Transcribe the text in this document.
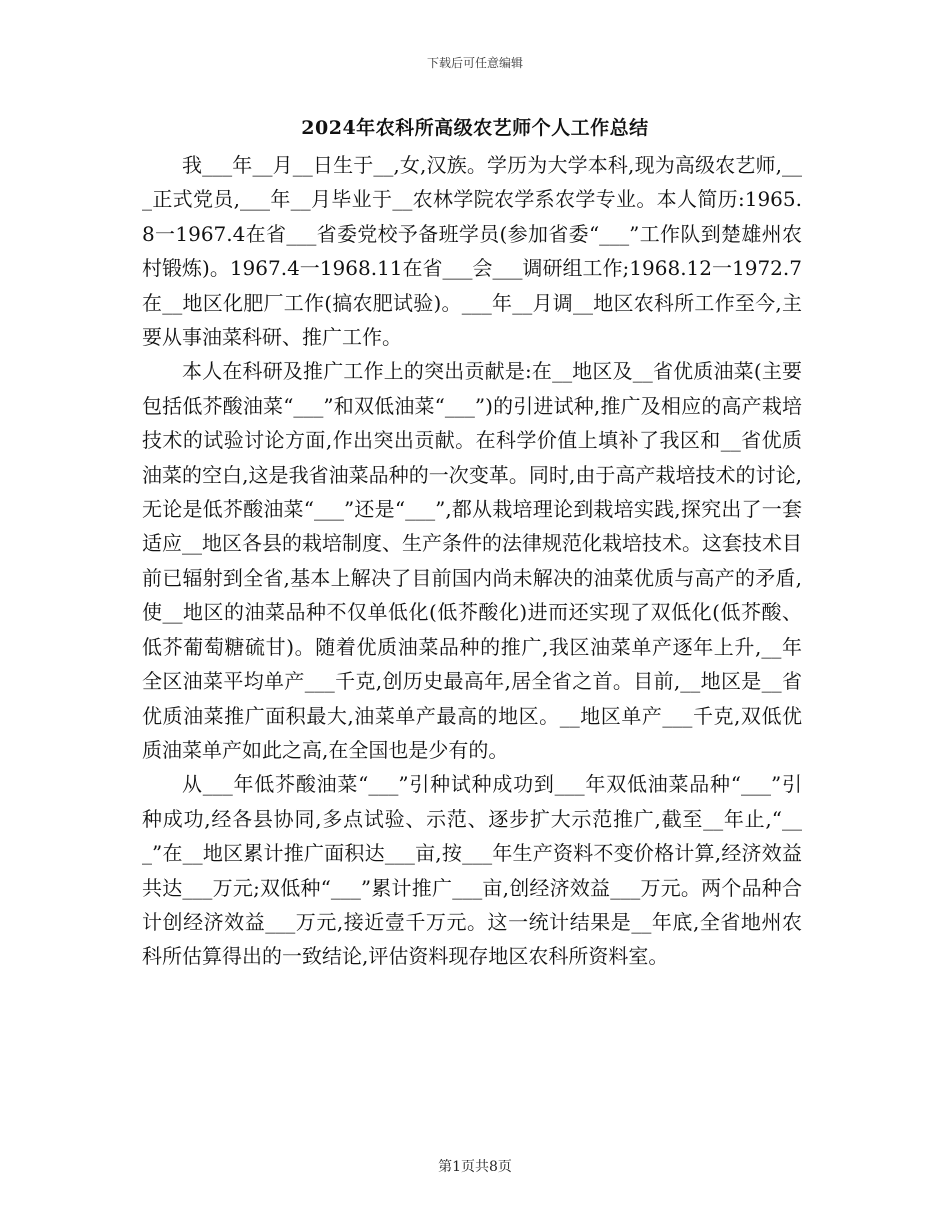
下载后可任意编辑
2024年农科所高级农艺师个人工作总结

我___年__月__日生于__,女,汉族。学历为大学本科,现为高级农艺师,___正式党员,___年__月毕业于__农林学院农学系农学专业。本人简历:1965.8一1967.4在省___省委党校予备班学员(参加省委“___”工作队到楚雄州农村锻炼)。1967.4一1968.11在省___会___调研组工作;1968.12一1972.7在__地区化肥厂工作(搞农肥试验)。___年__月调__地区农科所工作至今,主要从事油菜科研、推广工作。

本人在科研及推广工作上的突出贡献是:在__地区及__省优质油菜(主要包括低芥酸油菜“___”和双低油菜“___”)的引进试种,推广及相应的高产栽培技术的试验讨论方面,作出突出贡献。在科学价值上填补了我区和__省优质油菜的空白,这是我省油菜品种的一次变革。同时,由于高产栽培技术的讨论,无论是低芥酸油菜“___”还是“___”,都从栽培理论到栽培实践,探究出了一套适应__地区各县的栽培制度、生产条件的法律规范化栽培技术。这套技术目前已辐射到全省,基本上解决了目前国内尚未解决的油菜优质与高产的矛盾,使__地区的油菜品种不仅单低化(低芥酸化)进而还实现了双低化(低芥酸、低芥葡萄糖硫甘)。随着优质油菜品种的推广,我区油菜单产逐年上升,__年全区油菜平均单产___千克,创历史最高年,居全省之首。目前,__地区是__省优质油菜推广面积最大,油菜单产最高的地区。__地区单产___千克,双低优质油菜单产如此之高,在全国也是少有的。

从___年低芥酸油菜“___”引种试种成功到___年双低油菜品种“___”引种成功,经各县协同,多点试验、示范、逐步扩大示范推广,截至__年止,“___”在__地区累计推广面积达___亩,按___年生产资料不变价格计算,经济效益共达___万元;双低种“___”累计推广___亩,创经济效益___万元。两个品种合计创经济效益___万元,接近壹千万元。这一统计结果是__年底,全省地州农科所估算得出的一致结论,评估资料现存地区农科所资料室。

第1页共8页
